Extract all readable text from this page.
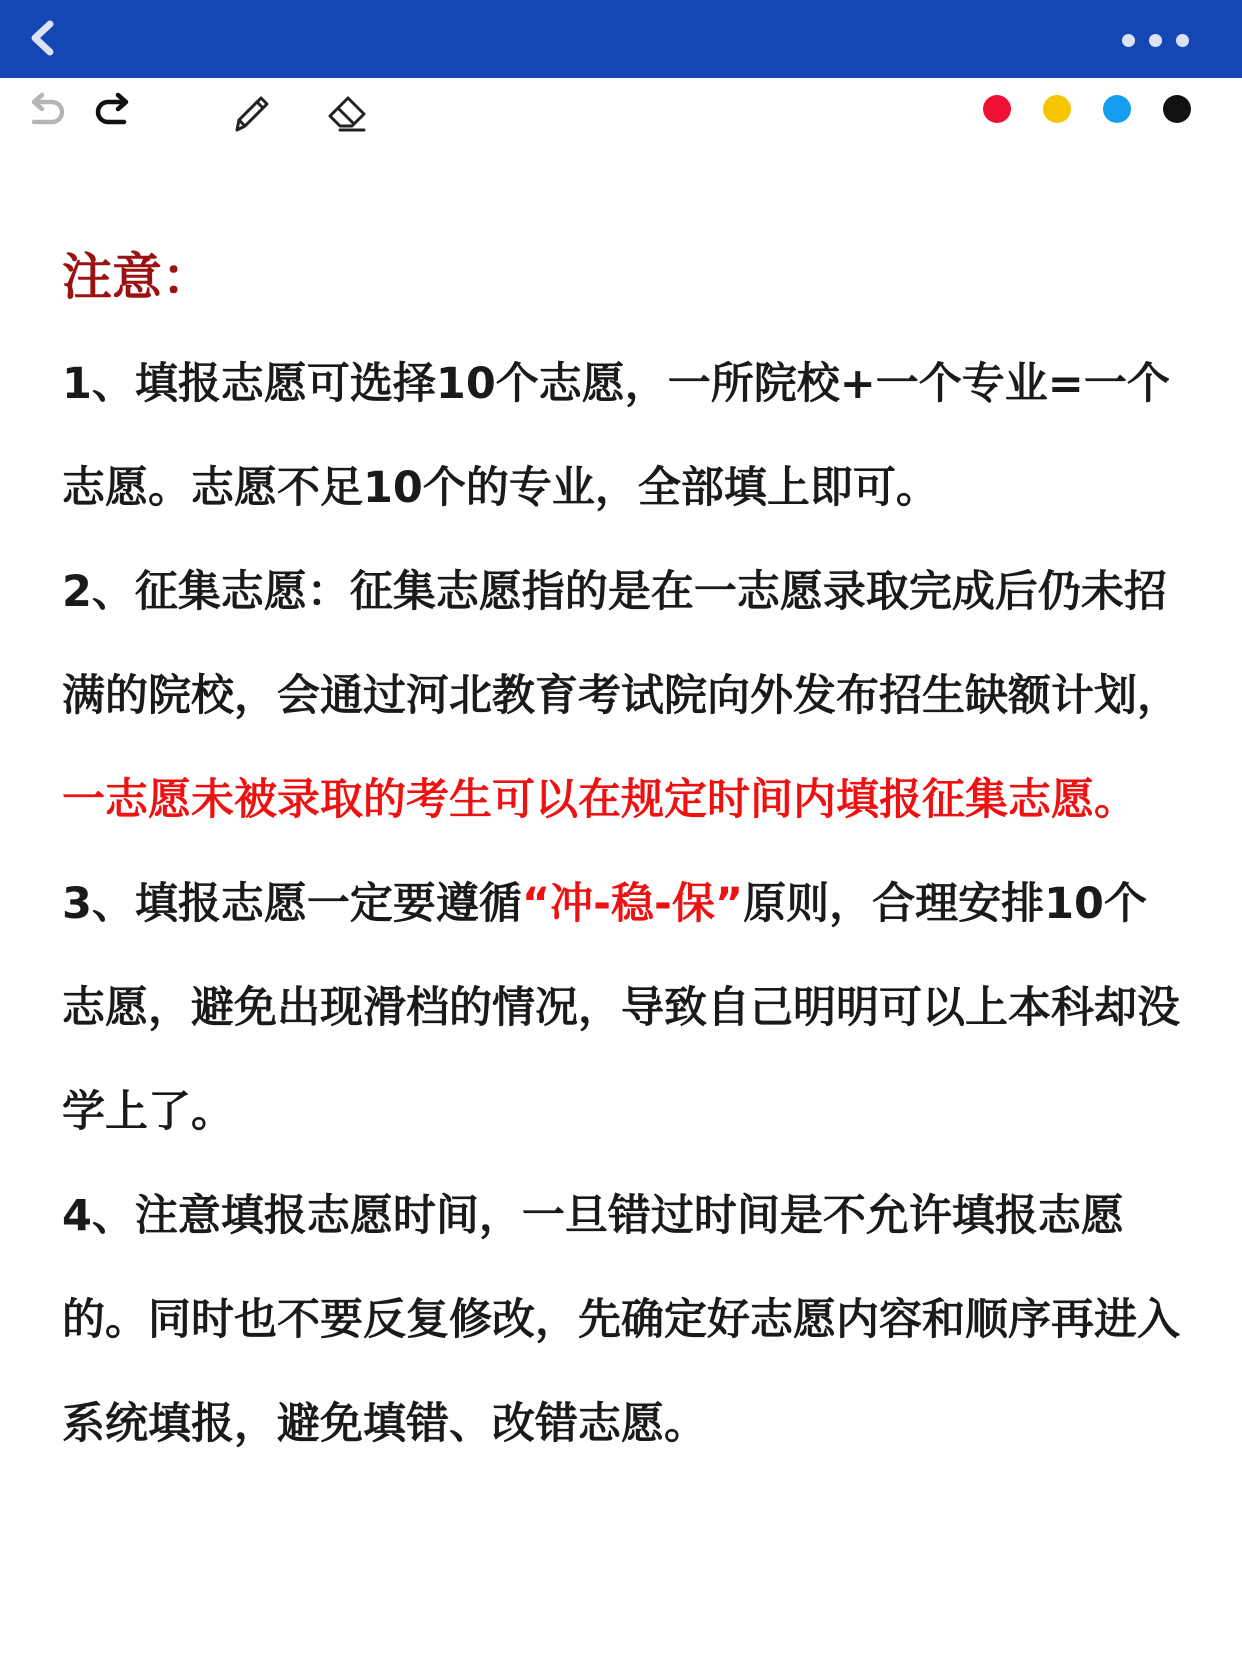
注意：

1、填报志愿可选择10个志愿，一所院校+一个专业=一个志愿。志愿不足10个的专业，全部填上即可。

2、征集志愿：征集志愿指的是在一志愿录取完成后仍未招满的院校，会通过河北教育考试院向外发布招生缺额计划，一志愿未被录取的考生可以在规定时间内填报征集志愿。

3、填报志愿一定要遵循“冲-稳-保”原则，合理安排10个志愿，避免出现滑档的情况，导致自己明明可以上本科却没学上了。

4、注意填报志愿时间，一旦错过时间是不允许填报志愿的。同时也不要反复修改，先确定好志愿内容和顺序再进入系统填报，避免填错、改错志愿。
